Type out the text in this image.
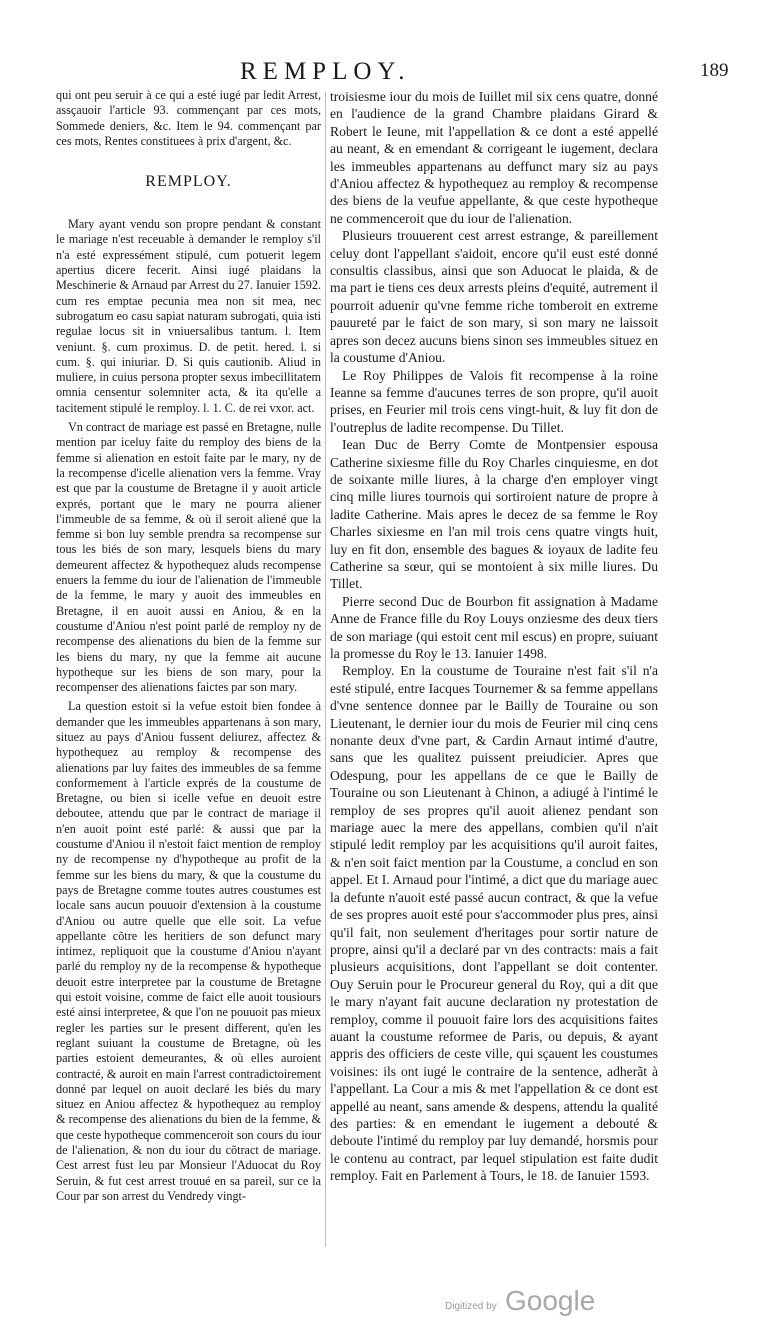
REMPLOY.	189

qui ont peu seruir à ce qui a esté iugé par ledit Arrest, assçauoir l'article 93. commençant par ces mots, Sommede deniers, &c. Item le 94. commençant par ces mots, Rentes constituees à prix d'argent, &c.

REMPLOY.

Mary ayant vendu son propre pendant & constant le mariage n'est receuable à demander le remploy s'il n'a esté expressément stipulé, cum potuerit legem apertius dicere fecerit. Ainsi iugé plaidans la Meschinerie & Arnaud par Arrest du 27. Ianuier 1592. cum res emptae pecunia mea non sit mea, nec subrogatum eo casu sapiat naturam subrogati, quia isti regulae locus sit in vniuersalibus tantum. l. Item veniunt. §. cum proximus. D. de petit. hered. l. si cum. §. qui iniuriar. D. Si quis cautionib. Aliud in muliere, in cuius persona propter sexus imbecillitatem omnia censentur solemniter acta, & ita qu'elle a tacitement stipulé le remploy. l. 1. C. de rei vxor. act.

Vn contract de mariage est passé en Bretagne, nulle mention par iceluy faite du remploy des biens de la femme si alienation en estoit faite par le mary, ny de la recompense d'icelle alienation vers la femme. Vray est que par la coustume de Bretagne il y auoit article exprés, portant que le mary ne pourra aliener l'immeuble de sa femme, & où il seroit aliené que la femme si bon luy semble prendra sa recompense sur tous les biés de son mary, lesquels biens du mary demeurent affectez & hypothequez aluds recompense enuers la femme du iour de l'alienation de l'immeuble de la femme, le mary y auoit des immeubles en Bretagne, il en auoit aussi en Aniou, & en la coustume d'Aniou n'est point parlé de remploy ny de recompense des alienations du bien de la femme sur les biens du mary, ny que la femme ait aucune hypotheque sur les biens de son mary, pour la recompenser des alienations faictes par son mary.

La question estoit si la vefue estoit bien fondee à demander que les immeubles appartenans à son mary, situez au pays d'Aniou fussent deliurez, affectez & hypothequez au remploy & recompense des alienations par luy faites des immeubles de sa femme conformement à l'article exprés de la coustume de Bretagne, ou bien si icelle vefue en deuoit estre deboutee, attendu que par le contract de mariage il n'en auoit point esté parlé: & aussi que par la coustume d'Aniou il n'estoit faict mention de remploy ny de recompense ny d'hypotheque au profit de la femme sur les biens du mary, & que la coustume du pays de Bretagne comme toutes autres coustumes est locale sans aucun pouuoir d'extension à la coustume d'Aniou ou autre quelle que elle soit. La vefue appellante cõtre les heritiers de son defunct mary intimez, repliquoit que la coustume d'Aniou n'ayant parlé du remploy ny de la recompense & hypotheque deuoit estre interpretee par la coustume de Bretagne qui estoit voisine, comme de faict elle auoit tousiours esté ainsi interpretee, & que l'on ne pouuoit pas mieux regler les parties sur le present different, qu'en les reglant suiuant la coustume de Bretagne, où les parties estoient demeurantes, & où elles auroient contracté, & auroit en main l'arrest contradictoirement donné par lequel on auoit declaré les biés du mary situez en Aniou affectez & hypothequez au remploy & recompense des alienations du bien de la femme, & que ceste hypotheque commenceroit son cours du iour de l'alienation, & non du iour du cõtract de mariage. Cest arrest fust leu par Monsieur l'Aduocat du Roy Seruin, & fut cest arrest trouué en sa pareil, sur ce la Cour par son arrest du Vendredy vingt-

troisiesme iour du mois de Iuillet mil six cens quatre, donné en l'audience de la grand Chambre plaidans Girard & Robert le Ieune, mit l'appellation & ce dont a esté appellé au neant, & en emendant & corrigeant le iugement, declara les immeubles appartenans au deffunct mary siz au pays d'Aniou affectez & hypothequez au remploy & recompense des biens de la veufue appellante, & que ceste hypotheque ne commenceroit que du iour de l'alienation.

Plusieurs trouuerent cest arrest estrange, & pareillement celuy dont l'appellant s'aidoit, encore qu'il eust esté donné consultis classibus, ainsi que son Aduocat le plaida, & de ma part ie tiens ces deux arrests pleins d'equité, autrement il pourroit aduenir qu'vne femme riche tomberoit en extreme pauureté par le faict de son mary, si son mary ne laissoit apres son decez aucuns biens sinon ses immeubles situez en la coustume d'Aniou.

Le Roy Philippes de Valois fit recompense à la roine Ieanne sa femme d'aucunes terres de son propre, qu'il auoit prises, en Feurier mil trois cens vingt-huit, & luy fit don de l'outreplus de ladite recompense. Du Tillet.

Iean Duc de Berry Comte de Montpensier espousa Catherine sixiesme fille du Roy Charles cinquiesme, en dot de soixante mille liures, à la charge d'en employer vingt cinq mille liures tournois qui sortiroient nature de propre à ladite Catherine. Mais apres le decez de sa femme le Roy Charles sixiesme en l'an mil trois cens quatre vingts huit, luy en fit don, ensemble des bagues & ioyaux de ladite feu Catherine sa sœur, qui se montoient à six mille liures. Du Tillet.

Pierre second Duc de Bourbon fit assignation à Madame Anne de France fille du Roy Louys onziesme des deux tiers de son mariage (qui estoit cent mil escus) en propre, suiuant la promesse du Roy le 13. Ianuier 1498.

Remploy. En la coustume de Touraine n'est fait s'il n'a esté stipulé, entre Iacques Tournemer & sa femme appellans d'vne sentence donnee par le Bailly de Touraine ou son Lieutenant, le dernier iour du mois de Feurier mil cinq cens nonante deux d'vne part, & Cardin Arnaut intimé d'autre, sans que les qualitez puissent preiudicier. Apres que Odespung, pour les appellans de ce que le Bailly de Touraine ou son Lieutenant à Chinon, a adiugé à l'intimé le remploy de ses propres qu'il auoit alienez pendant son mariage auec la mere des appellans, combien qu'il n'ait stipulé ledit remploy par les acquisitions qu'il auroit faites, & n'en soit faict mention par la Coustume, a conclud en son appel. Et I. Arnaud pour l'intimé, a dict que du mariage auec la defunte n'auoit esté passé aucun contract, & que la vefue de ses propres auoit esté pour s'accommoder plus pres, ainsi qu'il fait, non seulement d'heritages pour sortir nature de propre, ainsi qu'il a declaré par vn des contracts: mais a fait plusieurs acquisitions, dont l'appellant se doit contenter. Ouy Seruin pour le Procureur general du Roy, qui a dit que le mary n'ayant fait aucune declaration ny protestation de remploy, comme il pouuoit faire lors des acquisitions faites auant la coustume reformee de Paris, ou depuis, & ayant appris des officiers de ceste ville, qui sçauent les coustumes voisines: ils ont iugé le contraire de la sentence, adherãt à l'appellant. La Cour a mis & met l'appellation & ce dont est appellé au neant, sans amende & despens, attendu la qualité des parties: & en emendant le iugement a debouté & deboute l'intimé du remploy par luy demandé, horsmis pour le contenu au contract, par lequel stipulation est faite dudit remploy. Fait en Parlement à Tours, le 18. de Ianuier 1593.

Digitized by Google
